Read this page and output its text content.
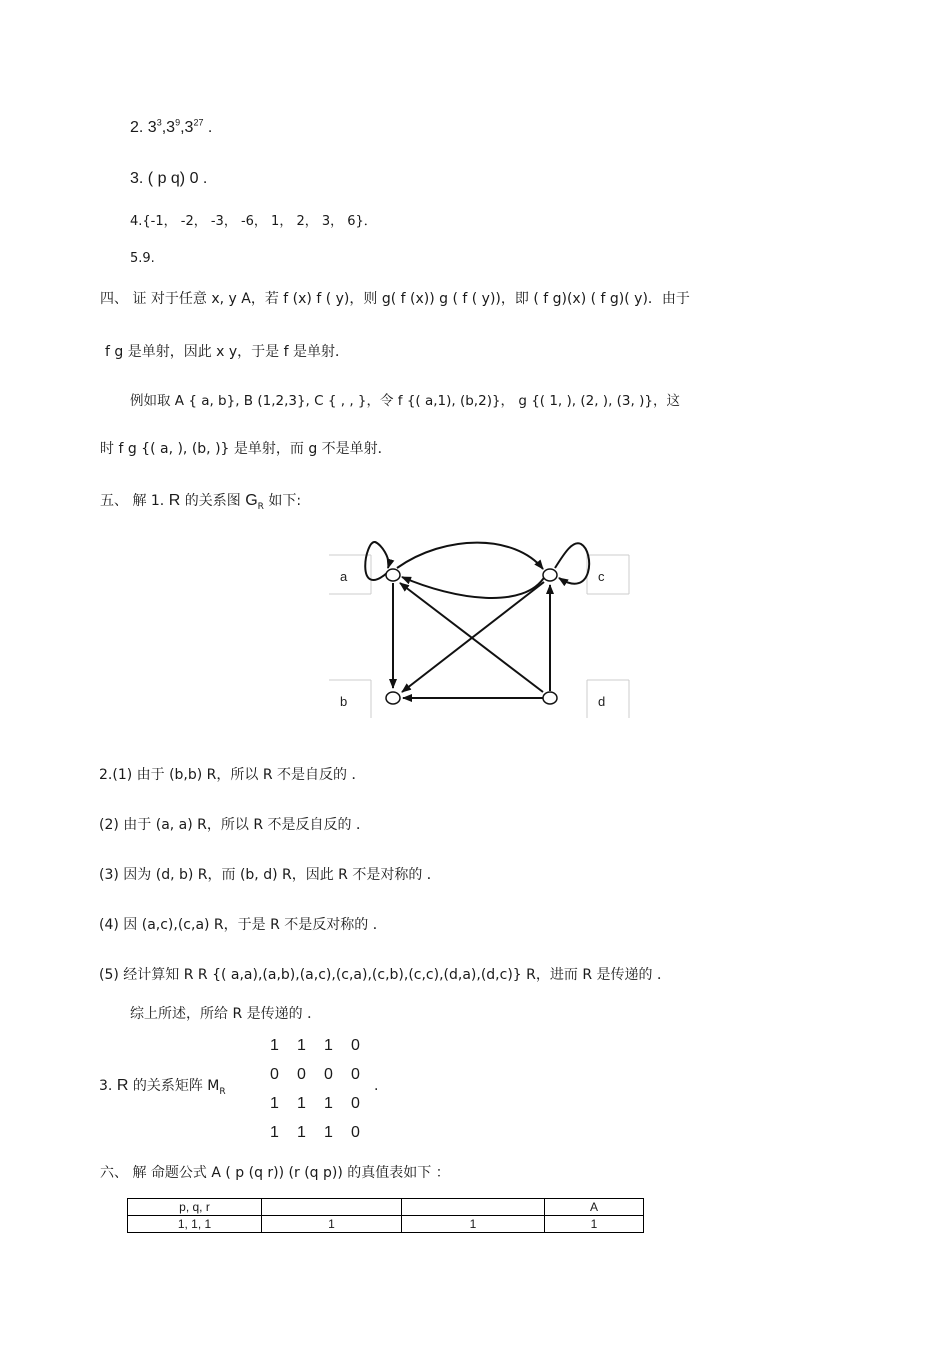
2. $3^3,3^9,3^{27}$ .
3. ( p q) 0 .
4.{-1， -2， -3， -6， 1， 2， 3， 6}．
5.9.
四、 证 对于任意 x, y A，若 f (x) f ( y)，则 g( f (x)) g ( f ( y))，即 ( f g)(x) ( f g)( y)．由于
f g 是单射，因此 x y，于是 f 是单射．
例如取 A { a, b}, B (1,2,3}, C { , , }，令 f {( a,1), (b,2)}， g {( 1, ), (2, ), (3, )}，这
时 f g {( a, ), (b, )} 是单射，而 g 不是单射．
五、 解 1. R 的关系图 $G_R$ 如下:
a	c
b	d
2.(1) 由于 (b,b) R，所以 R 不是自反的 ．
(2) 由于 (a, a) R，所以 R 不是反自反的 ．
(3) 因为 (d, b) R，而 (b, d) R，因此 R 不是对称的 ．
(4) 因 (a,c),(c,a) R，于是 R 不是反对称的 ．
(5) 经计算知 R R {( a,a),(a,b),(a,c),(c,a),(c,b),(c,c),(d,a),(d,c)} R，进而 R 是传递的 ．
综上所述，所给 R 是传递的 ．
3. R 的关系矩阵 $M_R$
1 1 1 0
0 0 0 0
1 1 1 0
1 1 1 0
.
六、 解 命题公式 A ( p (q r)) (r (q p)) 的真值表如下 ：
p, q, r			A
1, 1, 1	1	1	1
